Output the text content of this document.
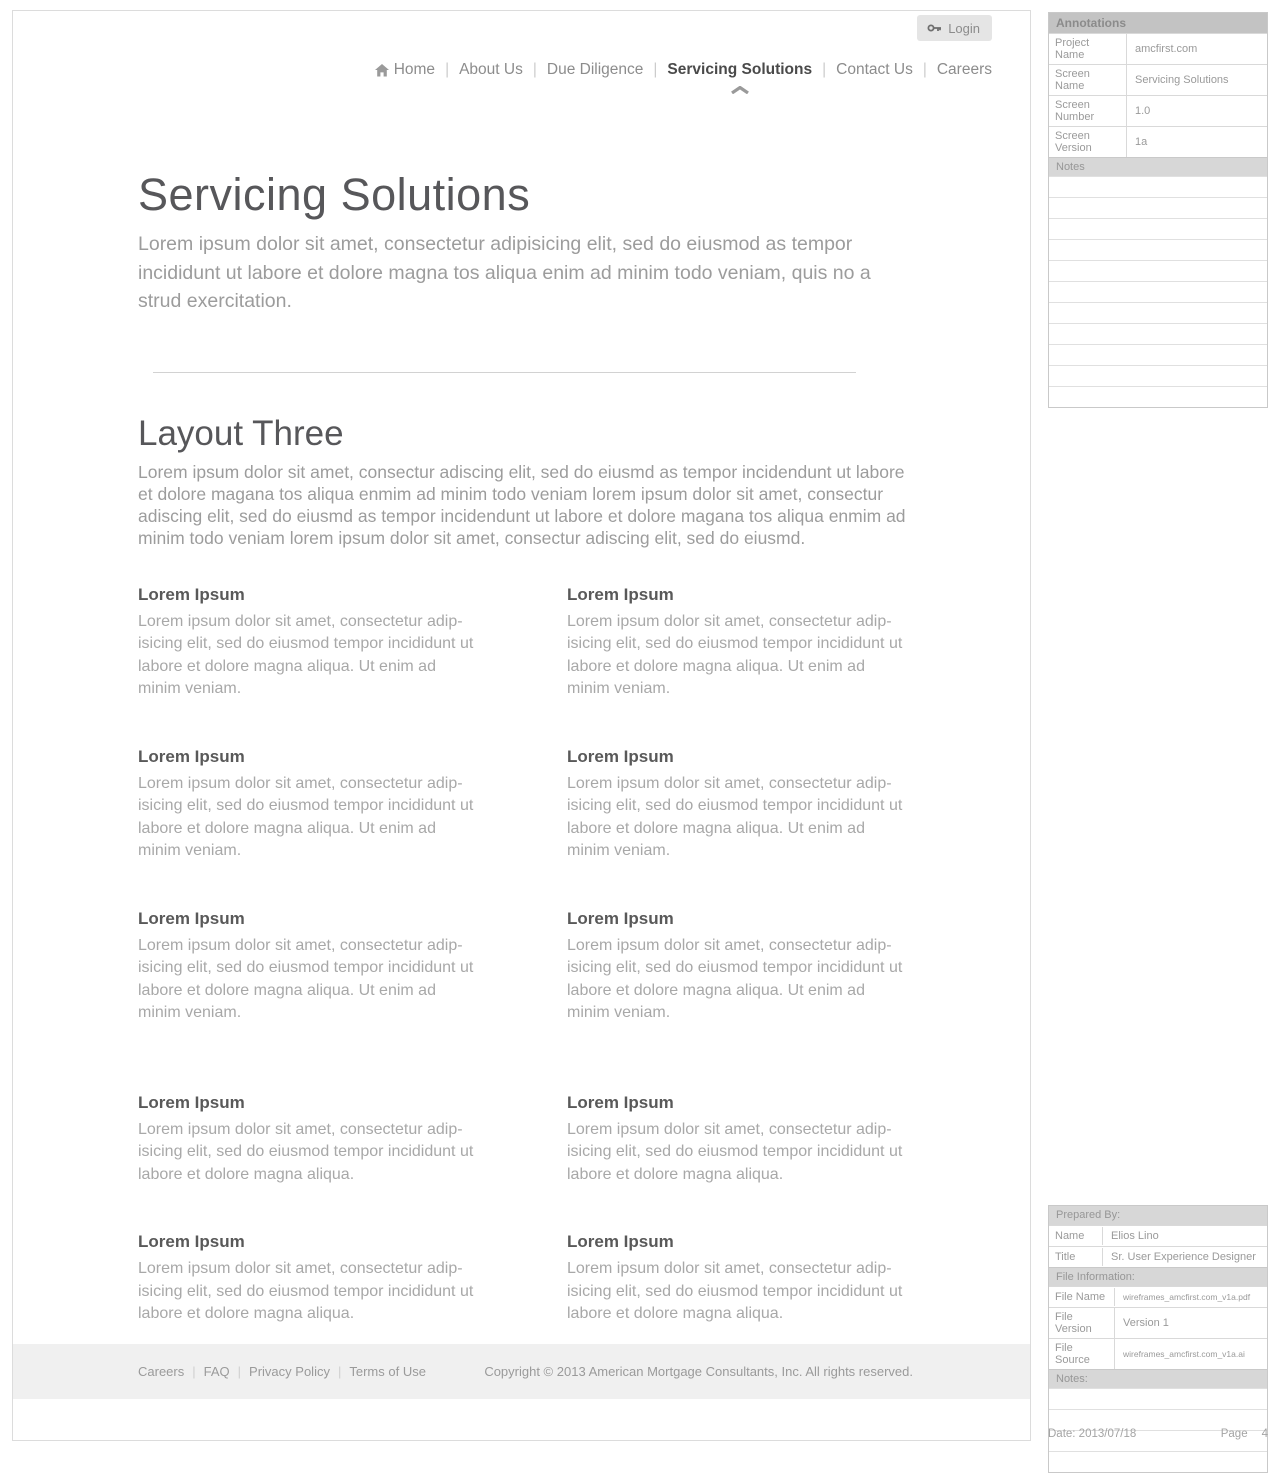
Login
Home | About Us | Due Diligence | Servicing Solutions | Contact Us | Careers
Servicing Solutions

Lorem ipsum dolor sit amet, consectetur adipisicing elit, sed do eiusmod as tempor incididunt ut labore et dolore magna tos aliqua enim ad minim todo veniam, quis no a strud exercitation.

Layout Three

Lorem ipsum dolor sit amet, consectur adiscing elit, sed do eiusmd as tempor incidendunt ut labore et dolore magana tos aliqua enmim ad minim todo veniam lorem ipsum dolor sit amet, consectur adiscing elit, sed do eiusmd as tempor incidendunt ut labore et dolore magana tos aliqua enmim ad minim todo veniam lorem ipsum dolor sit amet, consectur adiscing elit, sed do eiusmd.

Lorem Ipsum

Lorem ipsum dolor sit amet, consectetur adip-isicing elit, sed do eiusmod tempor incididunt ut labore et dolore magna aliqua. Ut enim ad minim veniam.

Lorem Ipsum

Lorem ipsum dolor sit amet, consectetur adip-isicing elit, sed do eiusmod tempor incididunt ut labore et dolore magna aliqua. Ut enim ad minim veniam.

Lorem Ipsum

Lorem ipsum dolor sit amet, consectetur adip-isicing elit, sed do eiusmod tempor incididunt ut labore et dolore magna aliqua. Ut enim ad minim veniam.

Lorem Ipsum

Lorem ipsum dolor sit amet, consectetur adip-isicing elit, sed do eiusmod tempor incididunt ut labore et dolore magna aliqua. Ut enim ad minim veniam.

Lorem Ipsum

Lorem ipsum dolor sit amet, consectetur adip-isicing elit, sed do eiusmod tempor incididunt ut labore et dolore magna aliqua. Ut enim ad minim veniam.

Lorem Ipsum

Lorem ipsum dolor sit amet, consectetur adip-isicing elit, sed do eiusmod tempor incididunt ut labore et dolore magna aliqua. Ut enim ad minim veniam.

Lorem Ipsum

Lorem ipsum dolor sit amet, consectetur adip-isicing elit, sed do eiusmod tempor incididunt ut labore et dolore magna aliqua.

Lorem Ipsum

Lorem ipsum dolor sit amet, consectetur adip-isicing elit, sed do eiusmod tempor incididunt ut labore et dolore magna aliqua.

Lorem Ipsum

Lorem ipsum dolor sit amet, consectetur adip-isicing elit, sed do eiusmod tempor incididunt ut labore et dolore magna aliqua.

Lorem Ipsum

Lorem ipsum dolor sit amet, consectetur adip-isicing elit, sed do eiusmod tempor incididunt ut labore et dolore magna aliqua.

Careers | FAQ | Privacy Policy | Terms of Use	Copyright © 2013 American Mortgage Consultants, Inc. All rights reserved.
Annotations
Project Name	amcfirst.com
Screen Name	Servicing Solutions
Screen Number	1.0
Screen Version	1a
Notes
Prepared By:
Name	Elios Lino
Title	Sr. User Experience Designer
File Information:
File Name	wireframes_amcfirst.com_v1a.pdf
File Version	Version 1
File Source	wireframes_amcfirst.com_v1a.ai
Notes:
Date: 2013/07/18	Page 4
